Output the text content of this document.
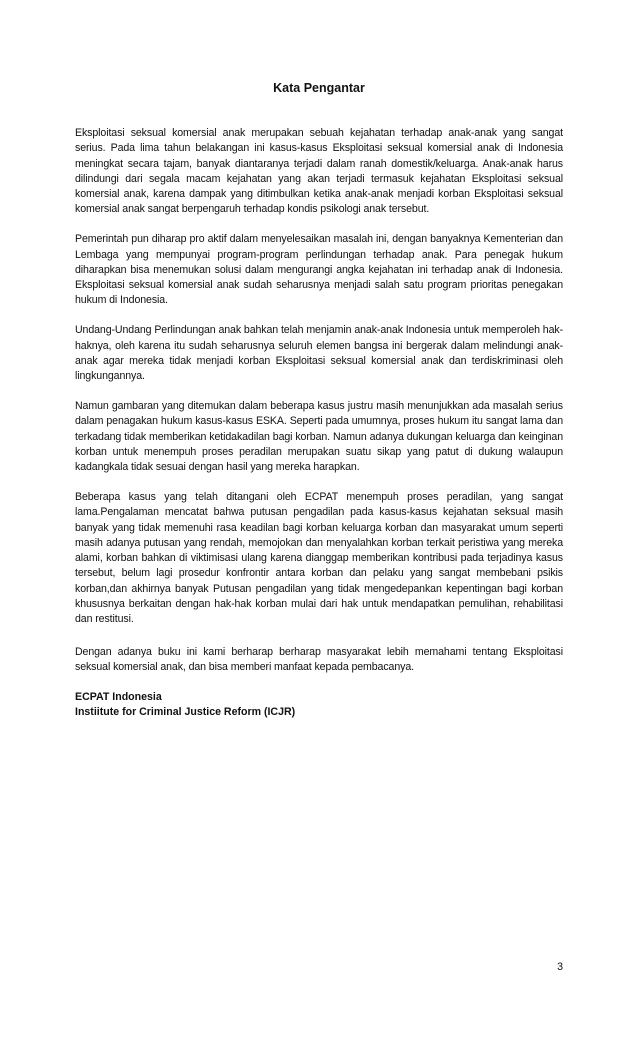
Kata Pengantar

Eksploitasi seksual komersial anak merupakan sebuah kejahatan terhadap anak-anak yang sangat serius. Pada lima tahun belakangan ini kasus-kasus Eksploitasi seksual komersial anak di Indonesia meningkat secara tajam, banyak diantaranya terjadi dalam ranah domestik/keluarga. Anak-anak harus dilindungi dari segala macam kejahatan yang akan terjadi termasuk kejahatan Eksploitasi seksual komersial anak, karena dampak yang ditimbulkan ketika anak-anak menjadi korban Eksploitasi seksual komersial anak sangat berpengaruh terhadap kondis psikologi anak tersebut.

Pemerintah pun diharap pro aktif dalam menyelesaikan masalah ini, dengan banyaknya Kementerian dan Lembaga yang mempunyai program-program perlindungan terhadap anak. Para penegak hukum diharapkan bisa menemukan solusi dalam mengurangi angka kejahatan ini terhadap anak di Indonesia. Eksploitasi seksual komersial anak sudah seharusnya menjadi salah satu program prioritas penegakan hukum di Indonesia.

Undang-Undang Perlindungan anak bahkan telah menjamin anak-anak Indonesia untuk memperoleh hak-haknya, oleh karena itu sudah seharusnya seluruh elemen bangsa ini bergerak dalam melindungi anak-anak agar mereka tidak menjadi korban Eksploitasi seksual komersial anak dan terdiskriminasi oleh lingkungannya.

Namun gambaran yang ditemukan dalam beberapa kasus justru masih menunjukkan ada masalah serius dalam penagakan hukum kasus-kasus ESKA. Seperti pada umumnya, proses hukum itu sangat lama dan terkadang tidak memberikan ketidakadilan bagi korban. Namun adanya dukungan keluarga dan keinginan korban untuk menempuh proses peradilan merupakan suatu sikap yang patut di dukung walaupun kadangkala tidak sesuai dengan hasil yang mereka harapkan.

Beberapa kasus yang telah ditangani oleh ECPAT menempuh proses peradilan, yang sangat lama.Pengalaman mencatat bahwa putusan pengadilan pada kasus-kasus kejahatan seksual masih banyak yang tidak memenuhi rasa keadilan bagi korban keluarga korban dan masyarakat umum seperti masih adanya putusan yang rendah, memojokan dan menyalahkan korban terkait peristiwa yang mereka alami, korban bahkan di viktimisasi ulang karena dianggap memberikan kontribusi pada terjadinya kasus tersebut, belum lagi prosedur konfrontir antara korban dan pelaku yang sangat membebani psikis korban,dan akhirnya banyak Putusan pengadilan yang tidak mengedepankan kepentingan bagi korban khususnya berkaitan dengan hak-hak korban mulai dari hak untuk mendapatkan pemulihan, rehabilitasi dan restitusi.

Dengan adanya buku ini kami berharap berharap masyarakat lebih memahami tentang Eksploitasi seksual komersial anak, dan bisa memberi manfaat kepada pembacanya.

ECPAT Indonesia

Instiitute for Criminal Justice Reform (ICJR)

3
